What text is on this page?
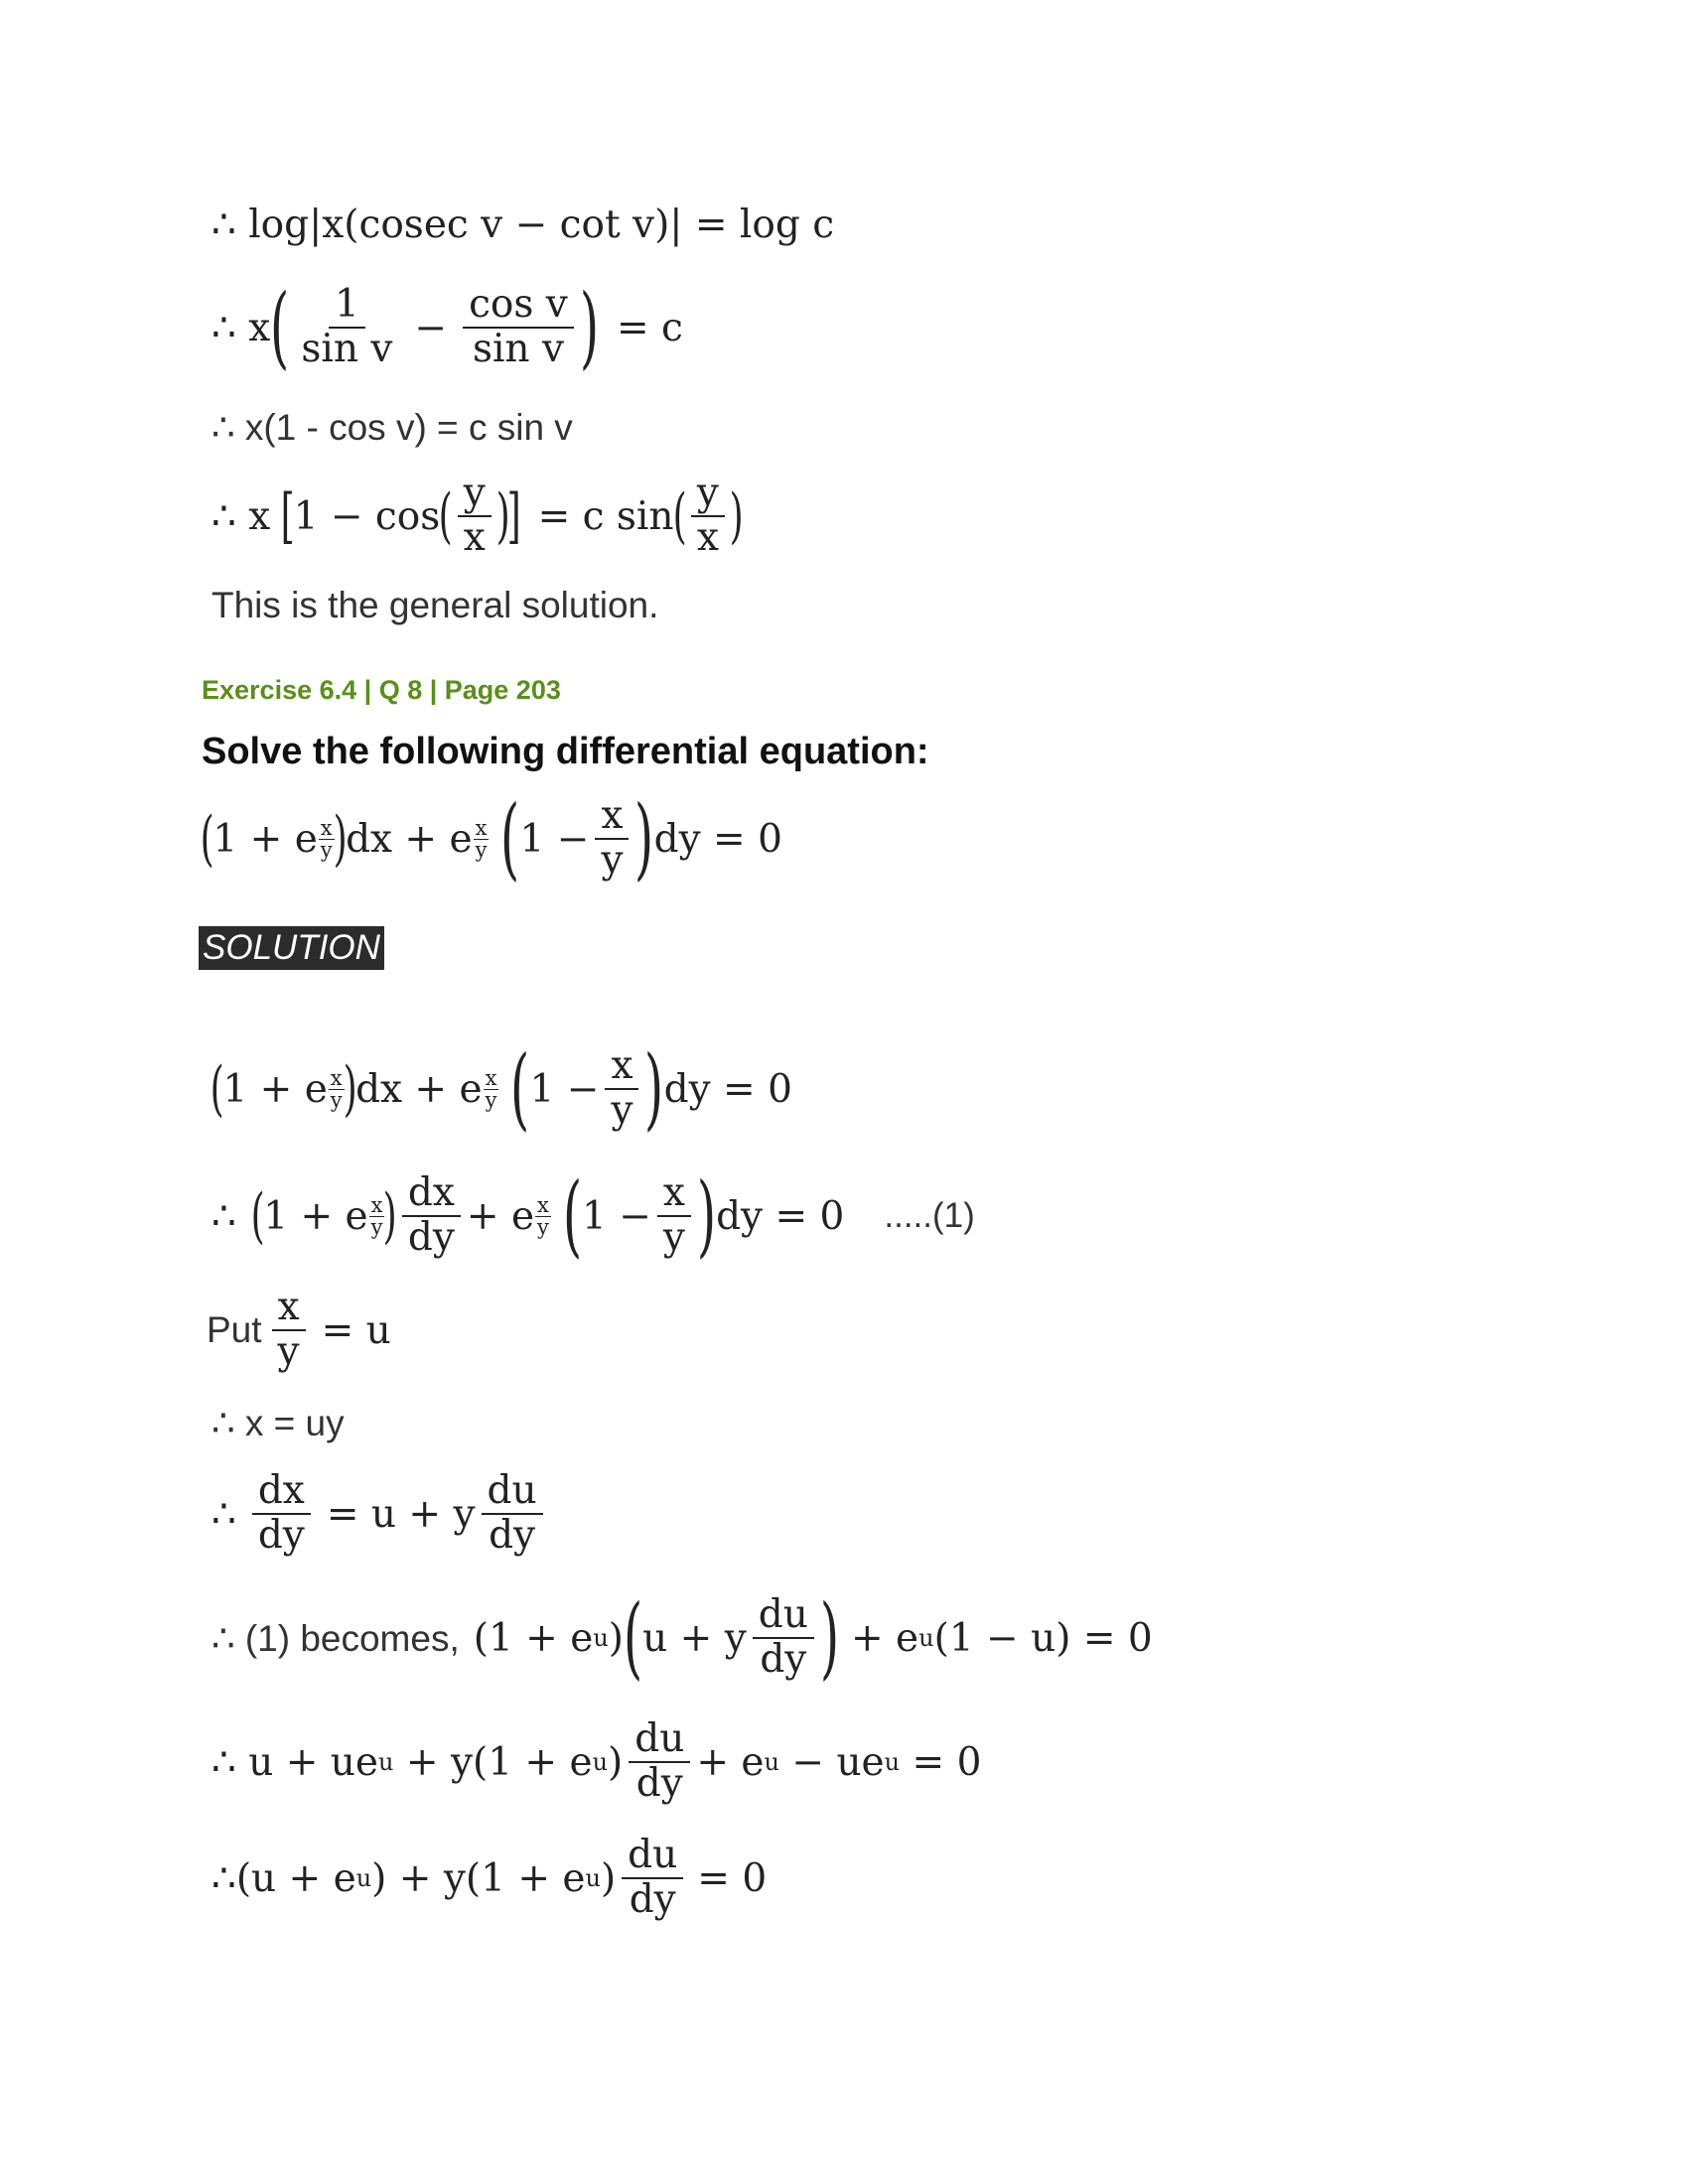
∴ log|x(cosec v − cot v)| = log c
∴ x ( $\frac{1}{\text{sin v}} - \frac{\text{cos v}}{\text{sin v}}$ ) = c
∴ x(1 - cos v) = c sin v
∴ x [
1 − cos
( $\frac{y}{x}$ )
] = c sin
( $\frac{y}{x}$ )
This is the general solution.
Exercise 6.4 | Q 8 | Page 203
Solve the following differential equation:
(
1 + e $\frac{x}{y}$
)
dx + e $\frac{x}{y}$ ( $1 - \frac{x}{y}$ ) dy = 0
SOLUTION
(
1 + e $\frac{x}{y}$
)
dx + e $\frac{x}{y}$ ( $1 - \frac{x}{y}$ ) dy = 0
∴ (
1 + e $\frac{x}{y}$
) $\frac{dx}{dy} + e \frac{x}{y}$ ( $1 - \frac{x}{y}$ ) dy = 0 .....(1)
Put $\frac{x}{y} = u$
∴ x = uy
∴ $\frac{dx}{dy} = u + y \frac{du}{dy}$
∴ (1) becomes, (1 + e u ) ( u + y $\frac{du}{dy}$ ) + e u (1 − u) = 0
∴ u + ue u + y(1 + e u ) $\frac{du}{dy} + e$ u − ue u = 0
∴(u + e u ) + y(1 + e u ) $\frac{du}{dy} = 0$
